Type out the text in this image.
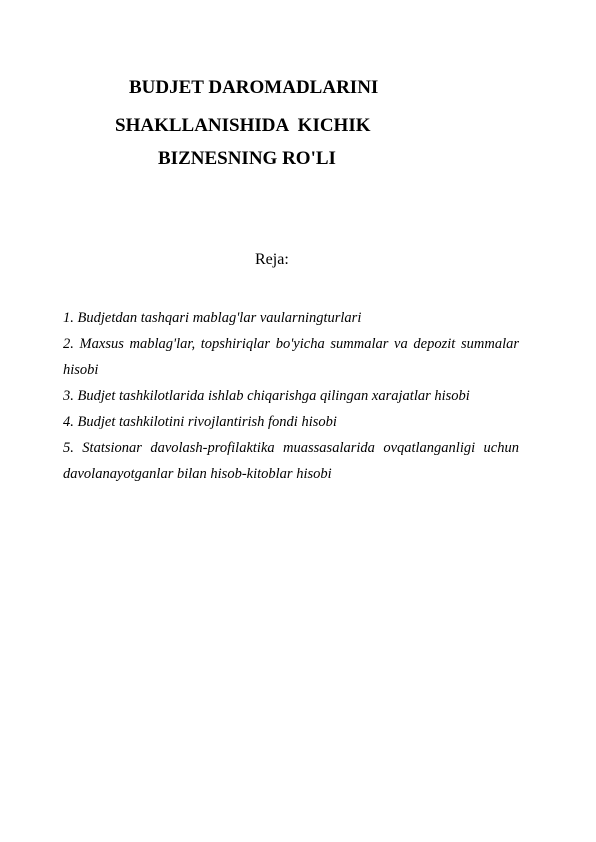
BUDJET DAROMADLARINI
SHAKLLANISHIDA  KICHIK
BIZNESNING RO'LI

Reja:

1. Budjetdan tashqari mablag'lar vaularningturlari
2. Maxsus mablag'lar, topshiriqlar bo'yicha summalar va depozit summalar hisobi
3. Budjet tashkilotlarida ishlab chiqarishga qilingan xarajatlar hisobi
4. Budjet tashkilotini rivojlantirish fondi hisobi
5. Statsionar davolash-profilaktika muassasalarida ovqatlanganligi uchun davolanayotganlar bilan hisob-kitoblar hisobi
